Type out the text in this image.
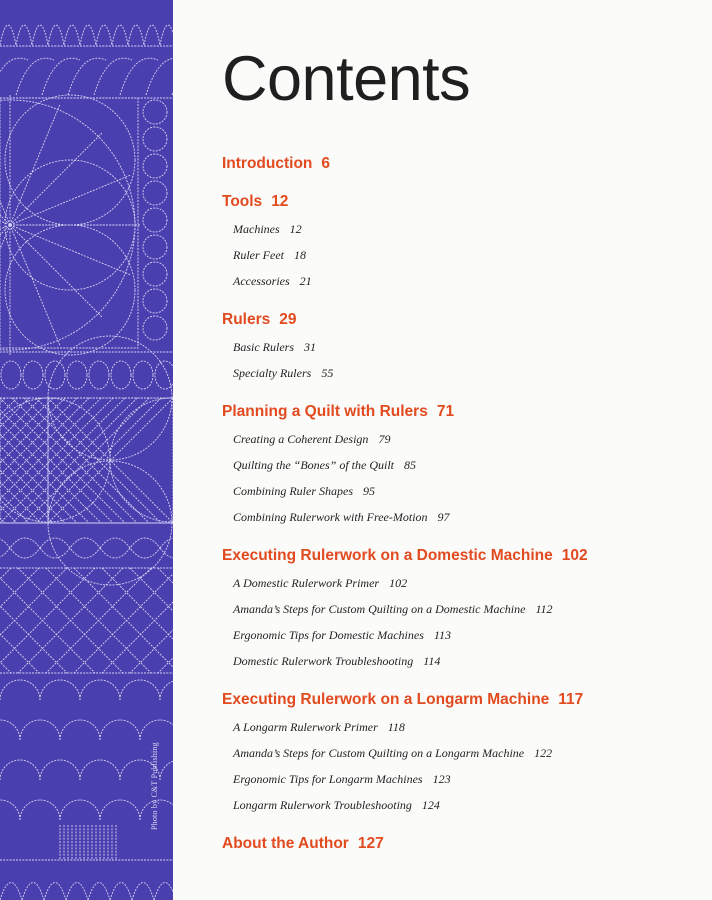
Photo by C&T Publishing
Contents
Introduction 6
Tools 12
Machines 12
Ruler Feet 18
Accessories 21
Rulers 29
Basic Rulers 31
Specialty Rulers 55
Planning a Quilt with Rulers 71
Creating a Coherent Design 79
Quilting the “Bones” of the Quilt 85
Combining Ruler Shapes 95
Combining Rulerwork with Free-Motion 97
Executing Rulerwork on a Domestic Machine 102
A Domestic Rulerwork Primer 102
Amanda’s Steps for Custom Quilting on a Domestic Machine 112
Ergonomic Tips for Domestic Machines 113
Domestic Rulerwork Troubleshooting 114
Executing Rulerwork on a Longarm Machine 117
A Longarm Rulerwork Primer 118
Amanda’s Steps for Custom Quilting on a Longarm Machine 122
Ergonomic Tips for Longarm Machines 123
Longarm Rulerwork Troubleshooting 124
About the Author 127
